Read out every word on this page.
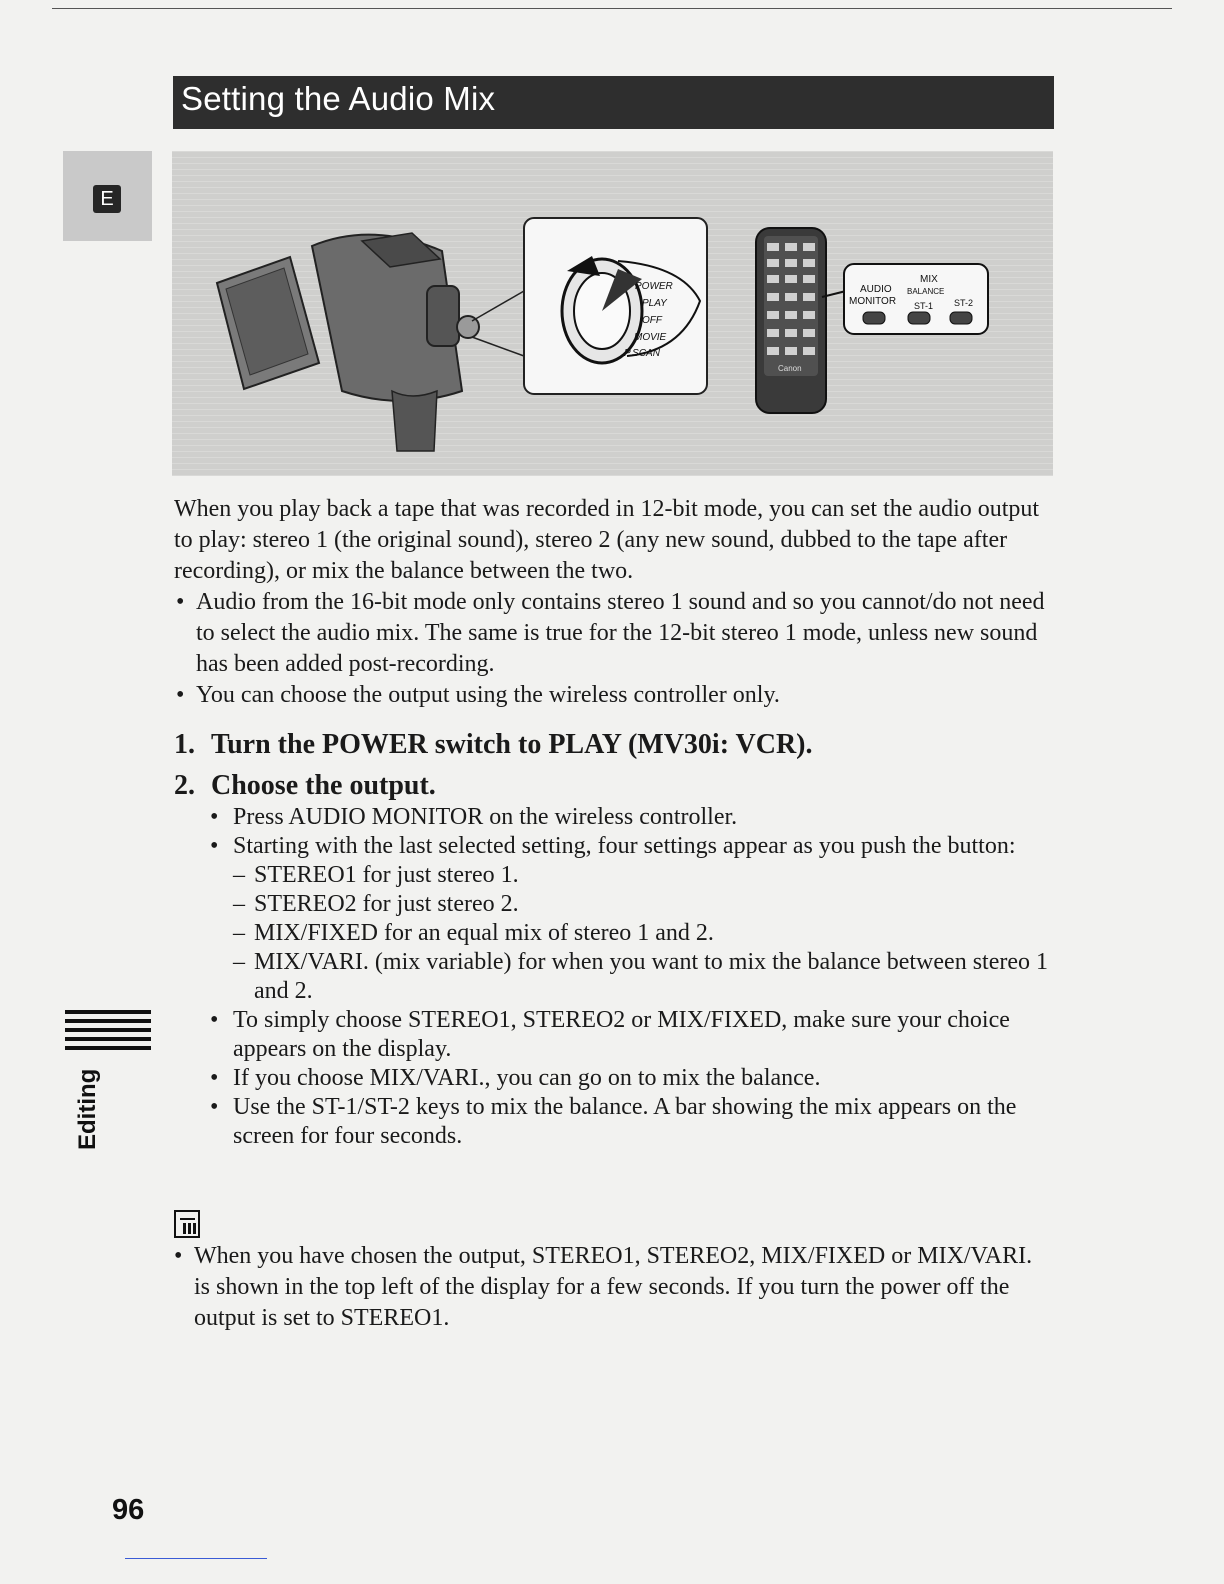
Setting the Audio Mix
E
POWER
PLAY
OFF
MOVIE
P.SCAN
Canon
AUDIO
MONITOR
MIX
BALANCE
ST-1 ST-2

When you play back a tape that was recorded in 12-bit mode, you can set the audio output to play: stereo 1 (the original sound), stereo 2 (any new sound, dubbed to the tape after recording), or mix the balance between the two.

• Audio from the 16-bit mode only contains stereo 1 sound and so you cannot/do not need to select the audio mix. The same is true for the 12-bit stereo 1 mode, unless new sound has been added post-recording.
• You can choose the output using the wireless controller only.
1. Turn the POWER switch to PLAY (MV30i: VCR).
2. Choose the output.
• Press AUDIO MONITOR on the wireless controller.
• Starting with the last selected setting, four settings appear as you push the button:
– STEREO1 for just stereo 1.
– STEREO2 for just stereo 2.
– MIX/FIXED for an equal mix of stereo 1 and 2.
– MIX/VARI. (mix variable) for when you want to mix the balance between stereo 1 and 2.
• To simply choose STEREO1, STEREO2 or MIX/FIXED, make sure your choice appears on the display.
• If you choose MIX/VARI., you can go on to mix the balance.
• Use the ST-1/ST-2 keys to mix the balance. A bar showing the mix appears on the screen for four seconds.
• When you have chosen the output, STEREO1, STEREO2, MIX/FIXED or MIX/VARI. is shown in the top left of the display for a few seconds. If you turn the power off the output is set to STEREO1.
Editing
96
